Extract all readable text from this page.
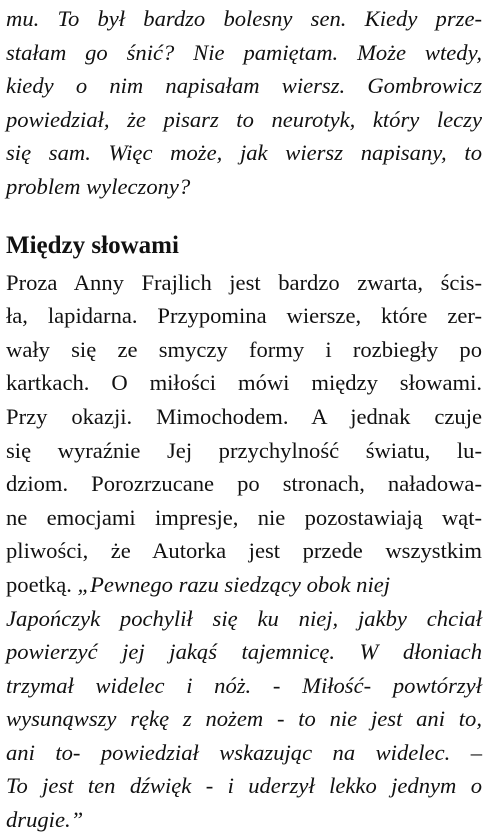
mu. To był bardzo bolesny sen. Kiedy prze-
stałam go śnić? Nie pamiętam. Może wtedy,
kiedy o nim napisałam wiersz. Gombrowicz
powiedział, że pisarz to neurotyk, który leczy
się sam. Więc może, jak wiersz napisany, to
problem wyleczony?
Między słowami
Proza Anny Frajlich jest bardzo zwarta, ścis-
ła, lapidarna. Przypomina wiersze, które zer-
wały się ze smyczy formy i rozbiegły po
kartkach. O miłości mówi między słowami.
Przy okazji. Mimochodem. A jednak czuje
się wyraźnie Jej przychylność światu, lu-
dziom. Porozrzucane po stronach, naładowa-
ne emocjami impresje, nie pozostawiają wąt-
pliwości, że Autorka jest przede wszystkim
poetką. „Pewnego razu siedzący obok niej
Japończyk pochylił się ku niej, jakby chciał
powierzyć jej jakąś tajemnicę. W dłoniach
trzymał widelec i nóż. - Miłość- powtórzył
wysunąwszy rękę z nożem - to nie jest ani to,
ani to- powiedział wskazując na widelec. –
To jest ten dźwięk - i uderzył lekko jednym o
drugie.”
